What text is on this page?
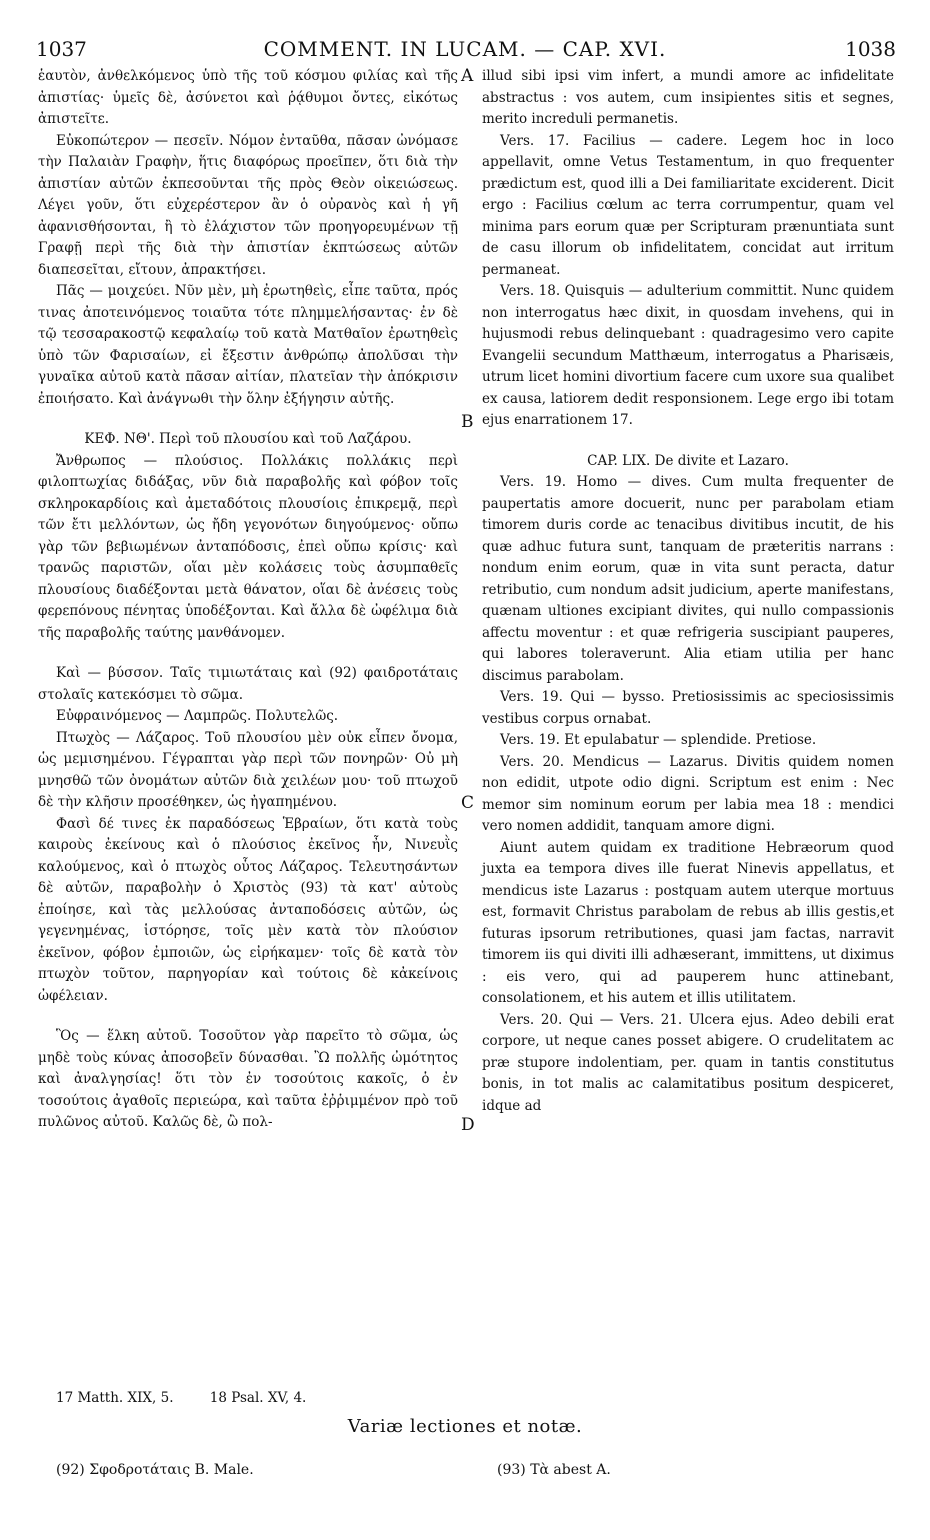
1037	COMMENT. IN LUCAM. — CAP. XVI.	1038
A
B
C
D

ἑαυτὸν, ἀνθελκόμενος ὑπὸ τῆς τοῦ κόσμου φιλίας καὶ τῆς ἀπιστίας· ὑμεῖς δὲ, ἀσύνετοι καὶ ῥᾴθυμοι ὄντες, εἰκότως ἀπιστεῖτε.

Εὐκοπώτερον — πεσεῖν. Νόμον ἐνταῦθα, πᾶσαν ὠνόμασε τὴν Παλαιὰν Γραφὴν, ἥτις διαφόρως προεῖπεν, ὅτι διὰ τὴν ἀπιστίαν αὐτῶν ἐκπεσοῦνται τῆς πρὸς Θεὸν οἰκειώσεως. Λέγει γοῦν, ὅτι εὐχερέστερον ἂν ὁ οὐρανὸς καὶ ἡ γῆ ἀφανισθήσονται, ἢ τὸ ἐλάχιστον τῶν προηγορευμένων τῇ Γραφῇ περὶ τῆς διὰ τὴν ἀπιστίαν ἐκπτώσεως αὐτῶν διαπεσεῖται, εἴτουν, ἀπρακτήσει.

Πᾶς — μοιχεύει. Νῦν μὲν, μὴ ἐρωτηθεὶς, εἶπε ταῦτα, πρός τινας ἀποτεινόμενος τοιαῦτα τότε πλημμελήσαντας· ἐν δὲ τῷ τεσσαρακοστῷ κεφαλαίῳ τοῦ κατὰ Ματθαῖον ἐρωτηθεὶς ὑπὸ τῶν Φαρισαίων, εἰ ἔξεστιν ἀνθρώπῳ ἀπολῦσαι τὴν γυναῖκα αὐτοῦ κατὰ πᾶσαν αἰτίαν, πλατεῖαν τὴν ἀπόκρισιν ἐποιήσατο. Καὶ ἀνάγνωθι τὴν ὅλην ἐξήγησιν αὐτῆς.

ΚΕΦ. ΝΘ'. Περὶ τοῦ πλουσίου καὶ τοῦ Λαζάρου.

Ἄνθρωπος — πλούσιος. Πολλάκις πολλάκις περὶ φιλοπτωχίας διδάξας, νῦν διὰ παραβολῆς καὶ φόβον τοῖς σκληροκαρδίοις καὶ ἀμεταδότοις πλουσίοις ἐπικρεμᾷ, περὶ τῶν ἔτι μελλόντων, ὡς ἤδη γεγονότων διηγούμενος· οὔπω γὰρ τῶν βεβιωμένων ἀνταπόδοσις, ἐπεὶ οὔπω κρίσις· καὶ τρανῶς παριστῶν, οἵαι μὲν κολάσεις τοὺς ἀσυμπαθεῖς πλουσίους διαδέξονται μετὰ θάνατον, οἵαι δὲ ἀνέσεις τοὺς φερεπόνους πένητας ὑποδέξονται. Καὶ ἄλλα δὲ ὠφέλιμα διὰ τῆς παραβολῆς ταύτης μανθάνομεν.

Καὶ — βύσσον. Ταῖς τιμιωτάταις καὶ (92) φαιδροτάταις στολαῖς κατεκόσμει τὸ σῶμα.

Εὐφραινόμενος — Λαμπρῶς. Πολυτελῶς.

Πτωχὸς — Λάζαρος. Τοῦ πλουσίου μὲν οὐκ εἶπεν ὄνομα, ὡς μεμισημένου. Γέγραπται γὰρ περὶ τῶν πονηρῶν· Οὐ μὴ μνησθῶ τῶν ὀνομάτων αὐτῶν διὰ χειλέων μου· τοῦ πτωχοῦ δὲ τὴν κλῆσιν προσέθηκεν, ὡς ἠγαπημένου.

Φασὶ δέ τινες ἐκ παραδόσεως Ἑβραίων, ὅτι κατὰ τοὺς καιροὺς ἐκείνους καὶ ὁ πλούσιος ἐκεῖνος ἦν, Νινευῒς καλούμενος, καὶ ὁ πτωχὸς οὗτος Λάζαρος. Τελευτησάντων δὲ αὐτῶν, παραβολὴν ὁ Χριστὸς (93) τὰ κατ' αὐτοὺς ἐποίησε, καὶ τὰς μελλούσας ἀνταποδόσεις αὐτῶν, ὡς γεγενημένας, ἱστόρησε, τοῖς μὲν κατὰ τὸν πλούσιον ἐκεῖνον, φόβον ἐμποιῶν, ὡς εἰρήκαμεν· τοῖς δὲ κατὰ τὸν πτωχὸν τοῦτον, παρηγορίαν καὶ τούτοις δὲ κἀκείνοις ὠφέλειαν.

Ὃς — ἕλκη αὐτοῦ. Τοσοῦτον γὰρ παρεῖτο τὸ σῶμα, ὡς μηδὲ τοὺς κύνας ἀποσοβεῖν δύνασθαι. Ὢ πολλῆς ὠμότητος καὶ ἀναλγησίας! ὅτι τὸν ἐν τοσούτοις κακοῖς, ὁ ἐν τοσούτοις ἀγαθοῖς περιεώρα, καὶ ταῦτα ἐῤῥιμμένον πρὸ τοῦ πυλῶνος αὐτοῦ. Καλῶς δὲ, ὢ πολ-

illud sibi ipsi vim infert, a mundi amore ac infidelitate abstractus : vos autem, cum insipientes sitis et segnes, merito increduli permanetis.

Vers. 17. Facilius — cadere. Legem hoc in loco appellavit, omne Vetus Testamentum, in quo frequenter prædictum est, quod illi a Dei familiaritate exciderent. Dicit ergo : Facilius cœlum ac terra corrumpentur, quam vel minima pars eorum quæ per Scripturam prænuntiata sunt de casu illorum ob infidelitatem, concidat aut irritum permaneat.

Vers. 18. Quisquis — adulterium committit. Nunc quidem non interrogatus hæc dixit, in quosdam invehens, qui in hujusmodi rebus delinquebant : quadragesimo vero capite Evangelii secundum Matthæum, interrogatus a Pharisæis, utrum licet homini divortium facere cum uxore sua qualibet ex causa, latiorem dedit responsionem. Lege ergo ibi totam ejus enarrationem 17.

CAP. LIX. De divite et Lazaro.

Vers. 19. Homo — dives. Cum multa frequenter de paupertatis amore docuerit, nunc per parabolam etiam timorem duris corde ac tenacibus divitibus incutit, de his quæ adhuc futura sunt, tanquam de præteritis narrans : nondum enim eorum, quæ in vita sunt peracta, datur retributio, cum nondum adsit judicium, aperte manifestans, quænam ultiones excipiant divites, qui nullo compassionis affectu moventur : et quæ refrigeria suscipiant pauperes, qui labores toleraverunt. Alia etiam utilia per hanc discimus parabolam.

Vers. 19. Qui — bysso. Pretiosissimis ac speciosissimis vestibus corpus ornabat.

Vers. 19. Et epulabatur — splendide. Pretiose.

Vers. 20. Mendicus — Lazarus. Divitis quidem nomen non edidit, utpote odio digni. Scriptum est enim : Nec memor sim nominum eorum per labia mea 18 : mendici vero nomen addidit, tanquam amore digni.

Aiunt autem quidam ex traditione Hebræorum quod juxta ea tempora dives ille fuerat Ninevis appellatus, et mendicus iste Lazarus : postquam autem uterque mortuus est, formavit Christus parabolam de rebus ab illis gestis,et futuras ipsorum retributiones, quasi jam factas, narravit timorem iis qui diviti illi adhæserant, immittens, ut diximus : eis vero, qui ad pauperem hunc attinebant, consolationem, et his autem et illis utilitatem.

Vers. 20. Qui — Vers. 21. Ulcera ejus. Adeo debili erat corpore, ut neque canes posset abigere. O crudelitatem ac præ stupore indolentiam, per. quam in tantis constitutus bonis, in tot malis ac calamitatibus positum despiceret, idque ad

17 Matth. XIX, 5.	18 Psal. XV, 4.
Variæ lectiones et notæ.
(92) Σφοδροτάταις B. Male.	(93) Τὰ abest A.
